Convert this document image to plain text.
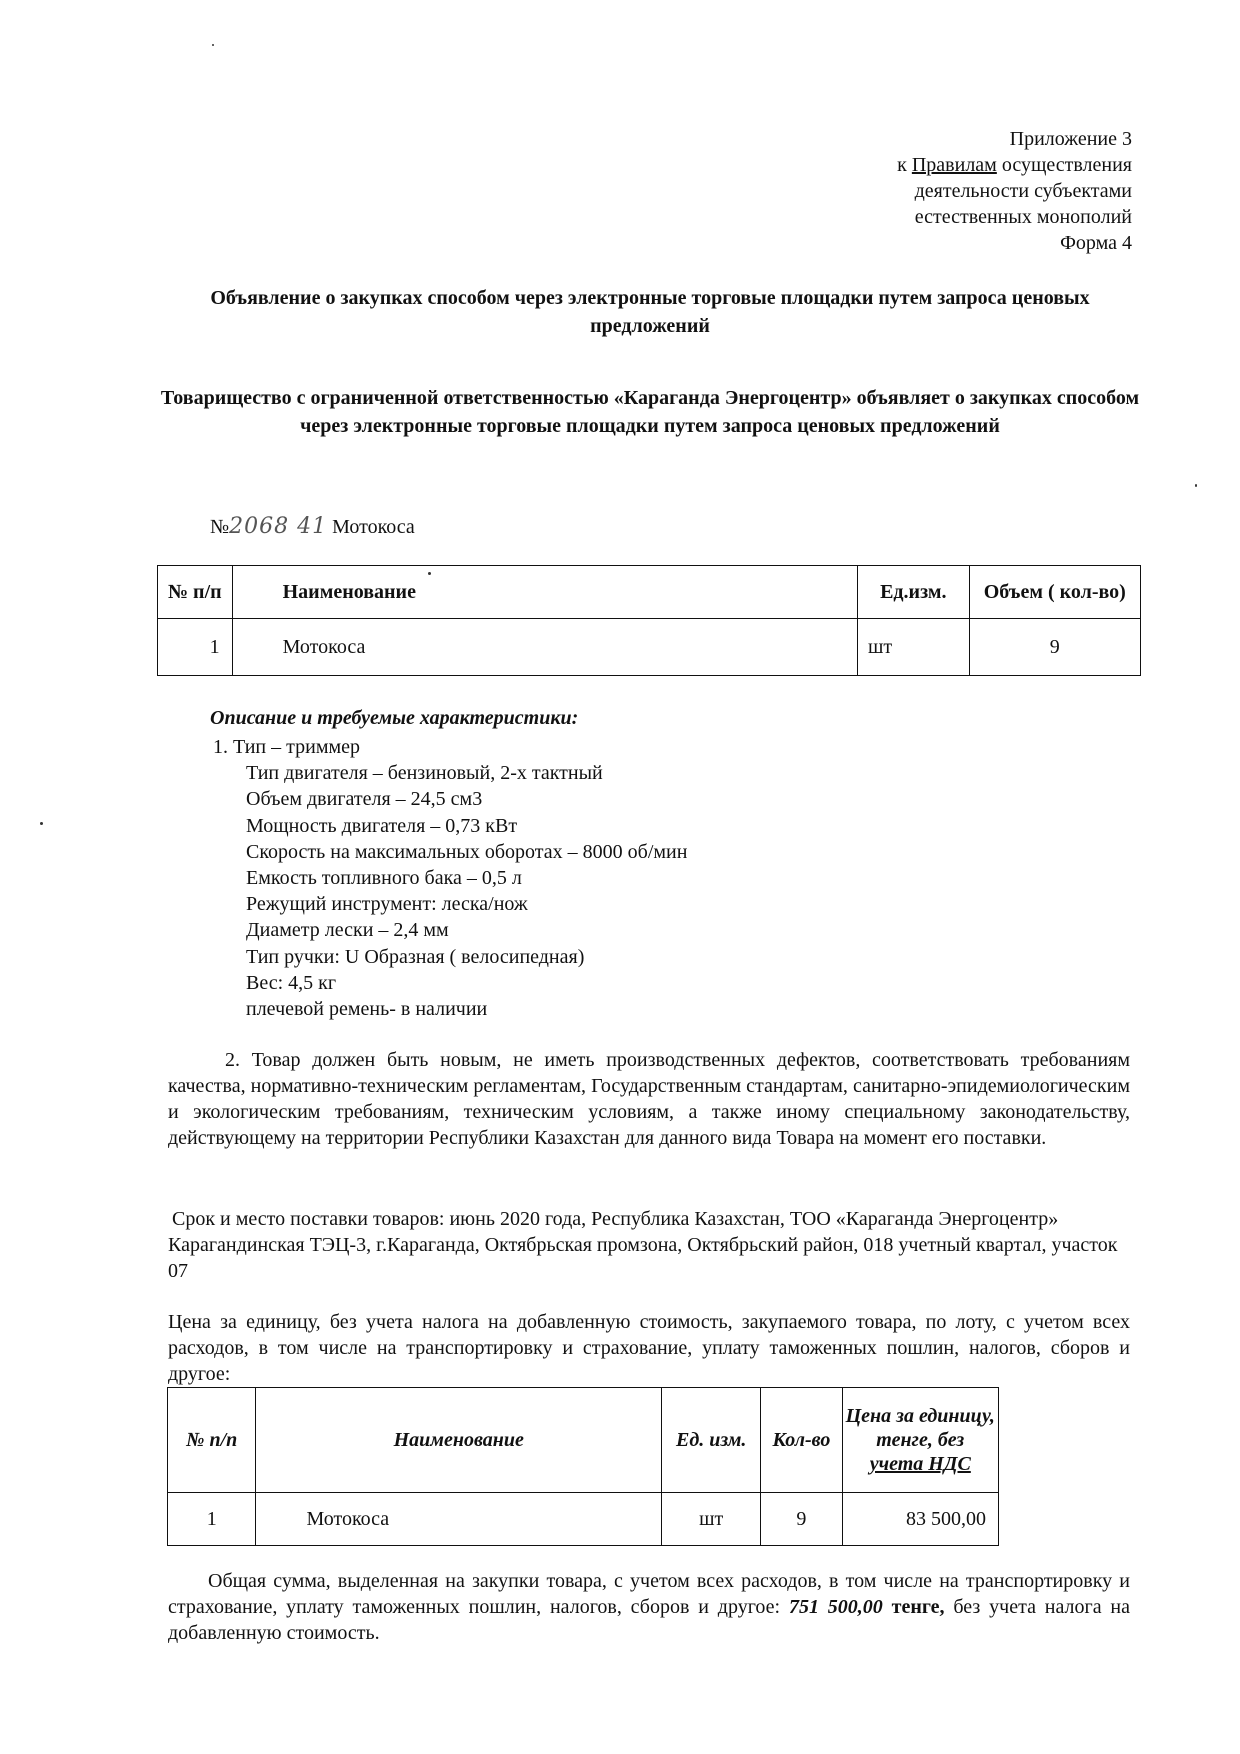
Приложение 3
к Правилам осуществления
деятельности субъектами
естественных монополий
Форма 4
Объявление о закупках способом через электронные торговые площадки путем запроса ценовых предложений
Товарищество с ограниченной ответственностью «Караганда Энергоцентр» объявляет о закупках способом через электронные торговые площадки путем запроса ценовых предложений
№2068 41 Мотокоса
№ п/п	Наименование	Ед.изм.	Объем ( кол-во)
1	Мотокоса	шт	9
Описание и требуемые характеристики:
1. Тип – триммер
Тип двигателя – бензиновый, 2-х тактный
Объем двигателя – 24,5 см3
Мощность двигателя – 0,73 кВт
Скорость на максимальных оборотах – 8000 об/мин
Емкость топливного бака – 0,5 л
Режущий инструмент: леска/нож
Диаметр лески – 2,4 мм
Тип ручки: U Образная ( велосипедная)
Вес: 4,5 кг
плечевой ремень- в наличии
2. Товар должен быть новым, не иметь производственных дефектов, соответствовать требованиям качества, нормативно-техническим регламентам, Государственным стандартам, санитарно-эпидемиологическим и экологическим требованиям, техническим условиям, а также иному специальному законодательству, действующему на территории Республики Казахстан для данного вида Товара на момент его поставки.
Срок и место поставки товаров: июнь 2020 года, Республика Казахстан, ТОО «Караганда Энергоцентр» Карагандинская ТЭЦ-3, г.Караганда, Октябрьская промзона, Октябрьский район, 018 учетный квартал, участок 07
Цена за единицу, без учета налога на добавленную стоимость, закупаемого товара, по лоту, с учетом всех расходов, в том числе на транспортировку и страхование, уплату таможенных пошлин, налогов, сборов и другое:
№ п/п	Наименование	Ед. изм.	Кол-во	Цена за единицу, тенге, без
учета НДС
1	Мотокоса	шт	9	83 500,00
Общая сумма, выделенная на закупки товара, с учетом всех расходов, в том числе на транспортировку и страхование, уплату таможенных пошлин, налогов, сборов и другое: 751 500,00 тенге, без учета налога на добавленную стоимость.
